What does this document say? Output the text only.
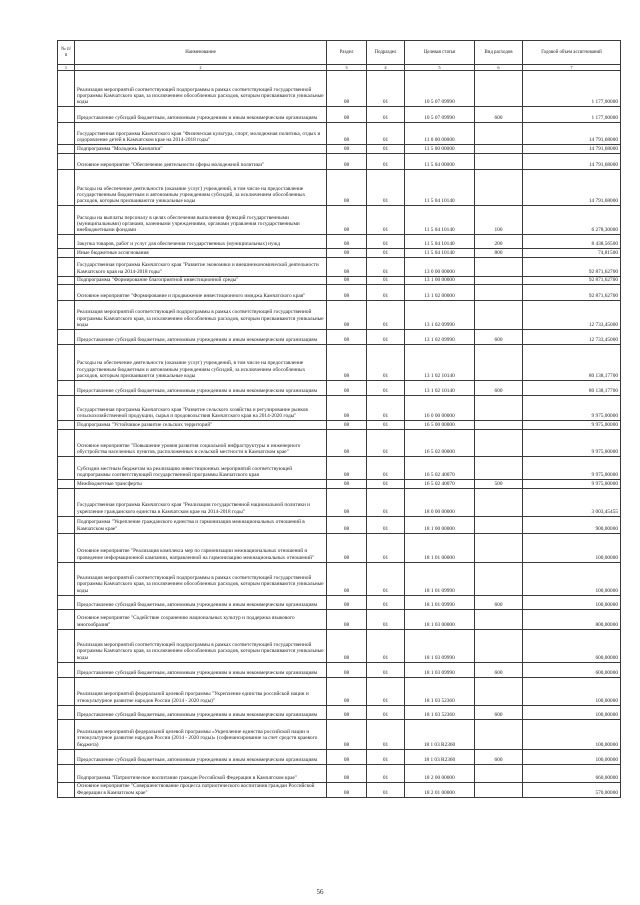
№ п/п	Наименование	Раздел	Подраздел	Целевая статья	Вид расходов	Годовой объем ассигнований
1	2	3	4	5	6	7
	Реализация мероприятий соответствующей подпрограммы в рамках соответствующей государственной программы Камчатского края, за исключением обособленных расходов, которым присваиваются уникальные коды	08	01	10 5 07 09990		1 177,00000
	Предоставление субсидий бюджетным, автономным учреждениям и иным некоммерческим организациям	08	01	10 5 07 09990	600	1 177,00000
	Государственная программа Камчатского края "Физическая культура, спорт, молодежная политика, отдых и оздоровление детей в Камчатском крае на 2014-2018 годы"	08	01	11 0 00 00000		14 791,68000
	Подпрограмма "Молодежь Камчатки"	08	01	11 5 00 00000		14 791,68000
	Основное мероприятие "Обеспечение деятельности сферы молодежной политики"	08	01	11 5 04 00000		14 791,68000
	Расходы на обеспечение деятельности (оказание услуг) учреждений, в том числе на предоставление государственным бюджетным и автономным учреждениям субсидий, за исключением обособленных расходов, которым присваиваются уникальные коды	08	01	11 5 04 10140		14 791,68000
	Расходы на выплаты персоналу в целях обеспечения выполнения функций государственными (муниципальными) органами, казенными учреждениями, органами управления государственными внебюджетными фондами	08	01	11 5 04 10140	100	6 278,30000
	Закупка товаров, работ и услуг для обеспечения государственных (муниципальных) нужд	08	01	11 5 04 10140	200	8 438,56500
	Иные бюджетные ассигнования	08	01	11 5 04 10140	800	74,81500
	Государственная программа Камчатского края "Развитие экономики и внешнеэкономической деятельности Камчатского края на 2014-2018 годы"	08	01	13 0 00 00000		92 871,62700
	Подпрограмма "Формирование благоприятной инвестиционной среды"	08	01	13 1 00 00000		92 871,62700
	Основное мероприятие "Формирование и продвижение инвестиционного имиджа Камчатского края"	08	01	13 1 02 00000		92 871,62700
	Реализация мероприятий соответствующей подпрограммы в рамках соответствующей государственной программы Камчатского края, за исключением обособленных расходов, которым присваиваются уникальные коды	08	01	13 1 02 09990		12 733,45000
	Предоставление субсидий бюджетным, автономным учреждениям и иным некоммерческим организациям	08	01	13 1 02 09990	600	12 733,45000
	Расходы на обеспечение деятельности (оказание услуг) учреждений, в том числе на предоставление государственным бюджетным и автономным учреждениям субсидий, за исключением обособленных расходов, которым присваиваются уникальные коды	08	01	13 1 02 10140		80 138,17700
	Предоставление субсидий бюджетным, автономным учреждениям и иным некоммерческим организациям	08	01	13 1 02 10140	600	80 138,17700
	Государственная программа Камчатского края "Развитие сельского хозяйства и регулирование рынков сельскохозяйственной продукции, сырья и продовольствия Камчатского края на 2014-2020 годы"	08	01	16 0 00 00000		9 975,00000
	Подпрограмма "Устойчивое развитие сельских территорий"	08	01	16 5 00 00000		9 975,00000
	Основное мероприятие "Повышение уровня развития социальной инфраструктуры и инженерного обустройства населенных пунктов, расположенных в сельской местности в Камчатском крае"	08	01	16 5 02 00000		9 975,00000
	Субсидии местным бюджетам на реализацию инвестиционных мероприятий соответствующей подпрограммы соответствующей государственной программы Камчатского края	08	01	16 5 02 40070		9 975,00000
	Межбюджетные трансферты	08	01	16 5 02 40070	500	9 975,00000
	Государственная программа Камчатского края "Реализация государственной национальной политики и укрепление гражданского единства в Камчатском крае на 2014-2018 годы"	08	01	18 0 00 00000		3 003,45455
	Подпрограмма "Укрепление гражданского единства и гармонизация межнациональных отношений в Камчатском крае"	08	01	18 1 00 00000		900,00000
	Основное мероприятие "Реализация комплекса мер по гармонизации межнациональных отношений и проведение информационной кампании, направленной на гармонизацию межнациональных отношений"	08	01	18 1 01 00000		100,00000
	Реализация мероприятий соответствующей подпрограммы в рамках соответствующей государственной программы Камчатского края, за исключением обособленных расходов, которым присваиваются уникальные коды	08	01	18 1 01 09990		100,00000
	Предоставление субсидий бюджетным, автономным учреждениям и иным некоммерческим организациям	08	01	18 1 01 09990	600	100,00000
	Основное мероприятие "Содействие сохранению национальных культур и поддержка языкового многообразия"	08	01	18 1 03 00000		800,00000
	Реализация мероприятий соответствующей подпрограммы в рамках соответствующей государственной программы Камчатского края, за исключением обособленных расходов, которым присваиваются уникальные коды	08	01	18 1 03 09990		600,00000
	Предоставление субсидий бюджетным, автономным учреждениям и иным некоммерческим организациям	08	01	18 1 03 09990	600	600,00000
	Реализация мероприятий федеральной целевой программы "Укрепление единства российской нации и этнокультурное развитие народов России (2014 - 2020 годы)"	08	01	18 1 03 52360		100,00000
	Предоставление субсидий бюджетным, автономным учреждениям и иным некоммерческим организациям	08	01	18 1 03 52360	600	100,00000
	Реализация мероприятий федеральной целевой программы «Укрепление единства российской нации и этнокультурное развитие народов России (2014 - 2020 годы)» (софинансирование за счет средств краевого бюджета)	08	01	18 1 03 R2360		100,00000
	Предоставление субсидий бюджетным, автономным учреждениям и иным некоммерческим организациям	08	01	18 1 03 R2360	600	100,00000
	Подпрограмма "Патриотическое воспитание граждан Российской Федерации в Камчатском крае"	08	01	18 2 00 00000		660,00000
	Основное мероприятие "Совершенствование процесса патриотического воспитания граждан Российской Федерации в Камчатском крае"	08	01	18 2 01 00000		570,00000
56
